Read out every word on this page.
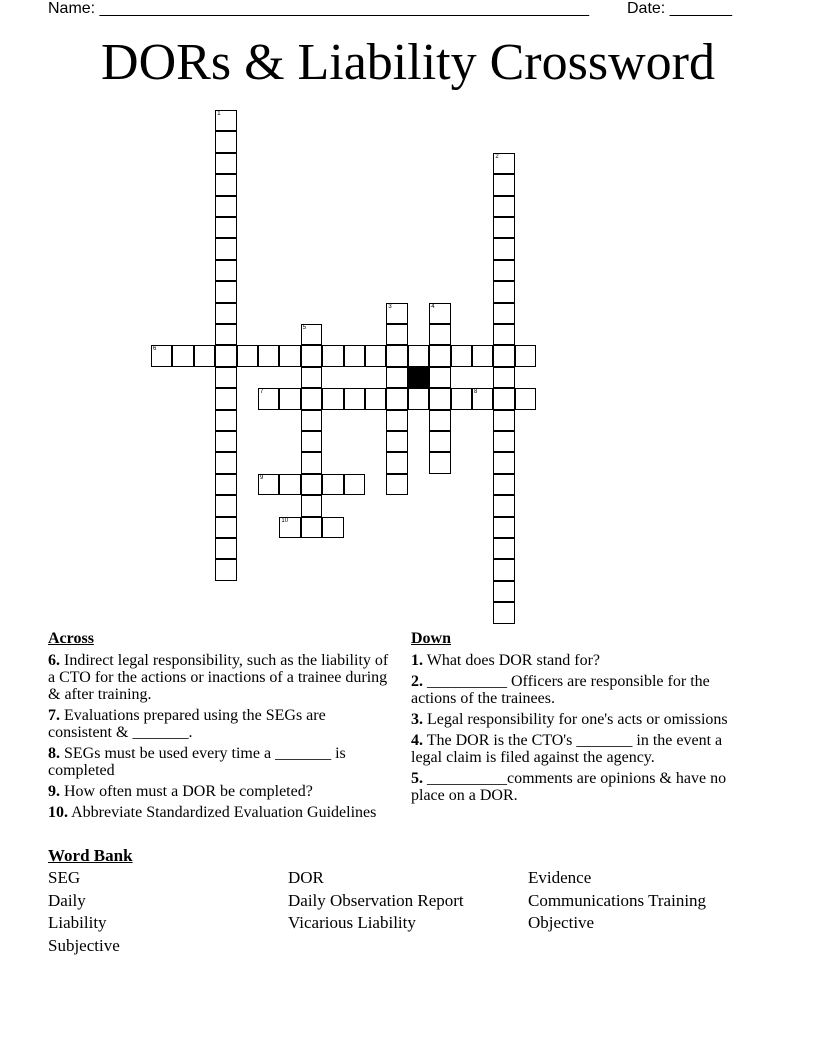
Name: _______________________________________________________ Date: _______
DORs & Liability Crossword
1
2
3	4
5
6
7	8
9
10
Across
6. Indirect legal responsibility, such as the liability of a CTO for the actions or inactions of a trainee during & after training.
7. Evaluations prepared using the SEGs are consistent & _______.
8. SEGs must be used every time a _______ is completed
9. How often must a DOR be completed?
10. Abbreviate Standardized Evaluation Guidelines
Down
1. What does DOR stand for?
2. __________ Officers are responsible for the actions of the trainees.
3. Legal responsibility for one's acts or omissions
4. The DOR is the CTO's _______ in the event a legal claim is filed against the agency.
5. __________comments are opinions & have no place on a DOR.
Word Bank
SEG	DOR	Evidence
Daily	Daily Observation Report	Communications Training
Liability	Vicarious Liability	Objective
Subjective
